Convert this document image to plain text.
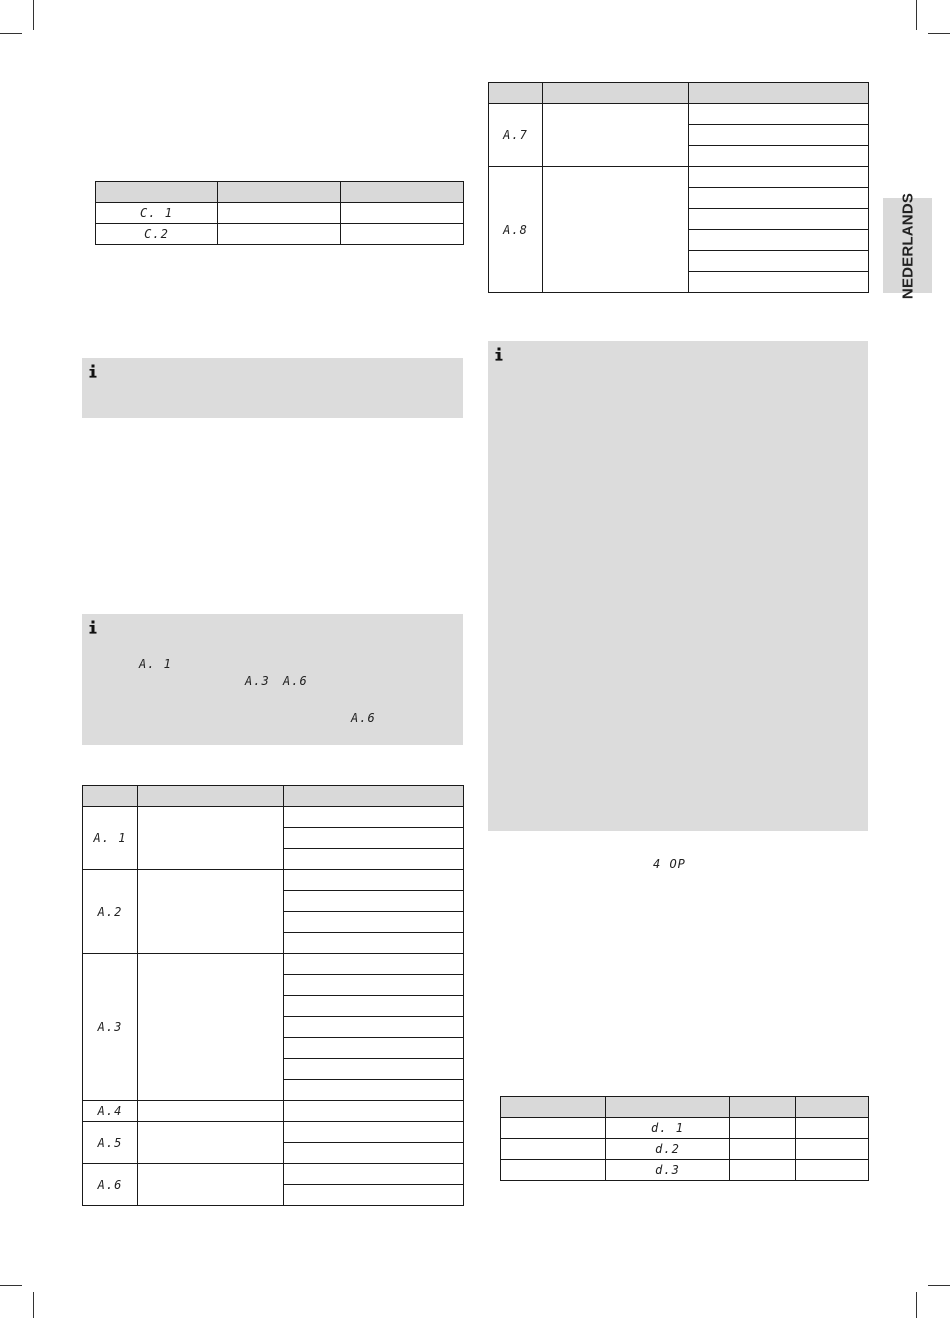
NEDERLANDS

C. 1		
C.2		
A. 1
A.3 A.6
A.6

A. 1		

A.2		

A.3		

A.4		
A.5		

A.6		

A.7		

A.8		

4 OP

	d. 1		
	d.2		
	d.3		
